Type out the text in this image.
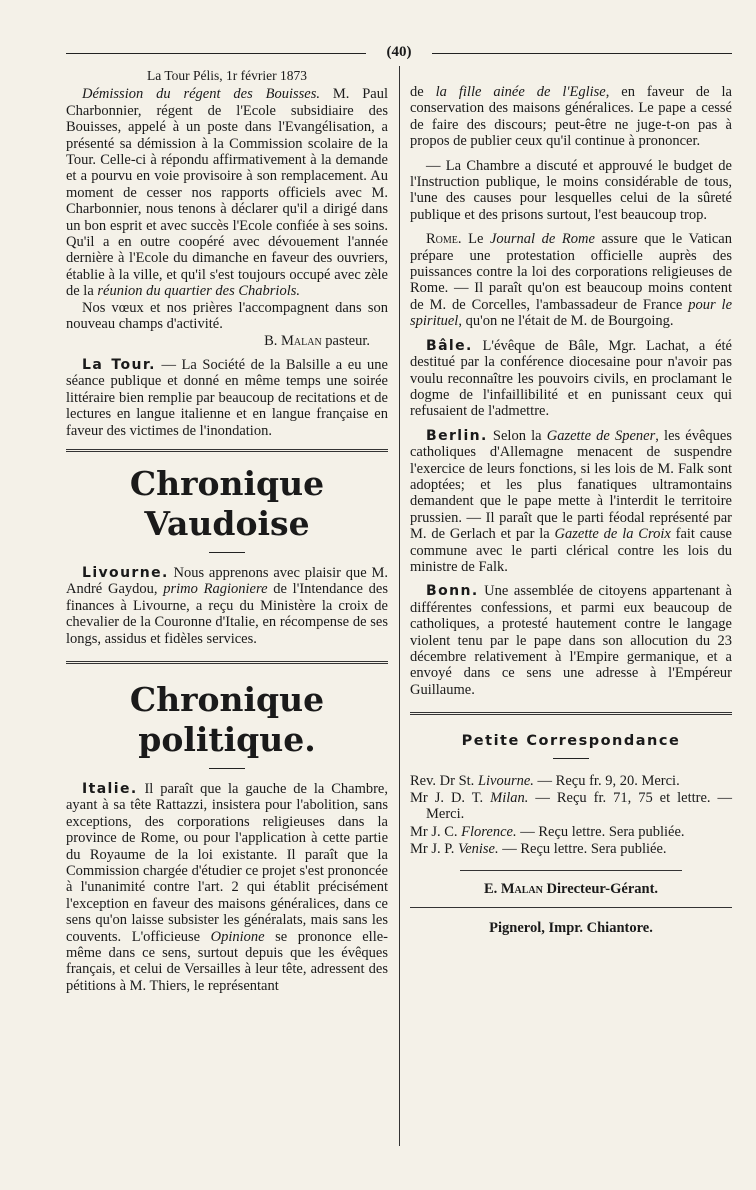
(40)

La Tour Pélis, 1r février 1873

Démission du régent des Bouisses. M. Paul Charbonnier, régent de l'Ecole subsidiaire des Bouisses, appelé à un poste dans l'Evangélisation, a présenté sa démission à la Commission scolaire de la Tour. Celle-ci à répondu affirmativement à la demande et a pourvu en voie provisoire à son remplacement. Au moment de cesser nos rapports officiels avec M. Charbonnier, nous tenons à déclarer qu'il a dirigé dans un bon esprit et avec succès l'Ecole confiée à ses soins. Qu'il a en outre coopéré avec dévouement l'année dernière à l'Ecole du dimanche en faveur des ouvriers, établie à la ville, et qu'il s'est toujours occupé avec zèle de la réunion du quartier des Chabriols.

Nos vœux et nos prières l'accompagnent dans son nouveau champs d'activité.

B. Malan pasteur.

La Tour. — La Société de la Balsille a eu une séance publique et donné en même temps une soirée littéraire bien remplie par beaucoup de recitations et de lectures en langue italienne et en langue française en faveur des victimes de l'inondation.

Chronique Vaudoise

Livourne. Nous apprenons avec plaisir que M. André Gaydou, primo Ragioniere de l'Intendance des finances à Livourne, a reçu du Ministère la croix de chevalier de la Couronne d'Italie, en récompense de ses longs, assidus et fidèles services.

Chronique politique.

Italie. Il paraît que la gauche de la Chambre, ayant à sa tête Rattazzi, insistera pour l'abolition, sans exceptions, des corporations religieuses dans la province de Rome, ou pour l'application à cette partie du Royaume de la loi existante. Il paraît que la Commission chargée d'étudier ce projet s'est prononcée à l'unanimité contre l'art. 2 qui établit précisément l'exception en faveur des maisons généralices, dans ce sens qu'on laisse subsister les généralats, mais sans les couvents. L'officieuse Opinione se prononce elle-même dans ce sens, surtout depuis que les évêques français, et celui de Versailles à leur tête, adressent des pétitions à M. Thiers, le représentant

de la fille ainée de l'Eglise, en faveur de la conservation des maisons généralices. Le pape a cessé de faire des discours; peut-être ne juge-t-on pas à propos de publier ceux qu'il continue à prononcer.

— La Chambre a discuté et approuvé le budget de l'Instruction publique, le moins considérable de tous, l'une des causes pour lesquelles celui de la sûreté publique et des prisons surtout, l'est beaucoup trop.

Rome. Le Journal de Rome assure que le Vatican prépare une protestation officielle auprès des puissances contre la loi des corporations religieuses de Rome. — Il paraît qu'on est beaucoup moins content de M. de Corcelles, l'ambassadeur de France pour le spirituel, qu'on ne l'était de M. de Bourgoing.

Bâle. L'évêque de Bâle, Mgr. Lachat, a été destitué par la conférence diocesaine pour n'avoir pas voulu reconnaître les pouvoirs civils, en proclamant le dogme de l'infaillibilité et en punissant ceux qui refusaient de l'admettre.

Berlin. Selon la Gazette de Spener, les évêques catholiques d'Allemagne menacent de suspendre l'exercice de leurs fonctions, si les lois de M. Falk sont adoptées; et les plus fanatiques ultramontains demandent que le pape mette à l'interdit le territoire prussien. — Il paraît que le parti féodal représenté par M. de Gerlach et par la Gazette de la Croix fait cause commune avec le parti clérical contre les lois du ministre de Falk.

Bonn. Une assemblée de citoyens appartenant à différentes confessions, et parmi eux beaucoup de catholiques, a protesté hautement contre le langage violent tenu par le pape dans son allocution du 23 décembre relativement à l'Empire germanique, et a envoyé dans ce sens une adresse à l'Empéreur Guillaume.

Petite Correspondance

Rev. Dr St. Livourne. — Reçu fr. 9, 20. Merci.

Mr J. D. T. Milan. — Reçu fr. 71, 75 et lettre. — Merci.

Mr J. C. Florence. — Reçu lettre. Sera publiée.

Mr J. P. Venise. — Reçu lettre. Sera publiée.

E. Malan Directeur-Gérant.

Pignerol, Impr. Chiantore.
